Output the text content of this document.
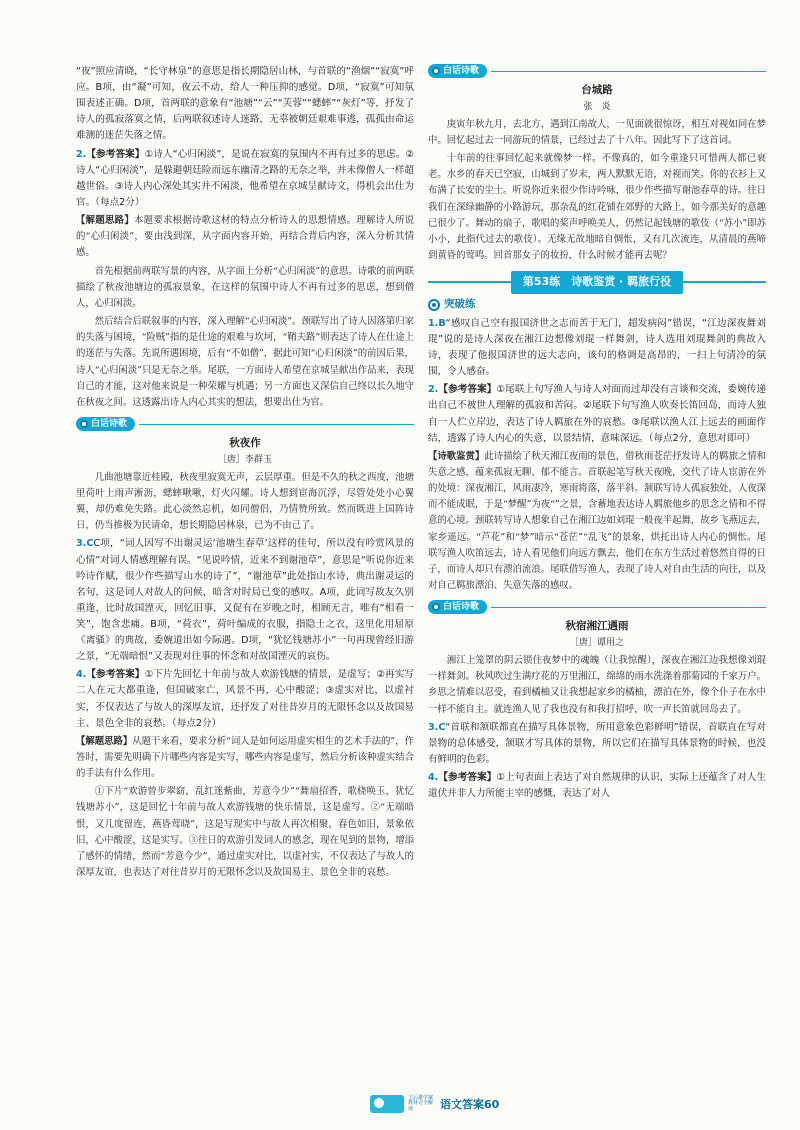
“夜”照应清晓，“长守林泉”的意思是指长期隐居山林，与首联的“渔烟”“寂寞”呼应。B项，由“凝”可知，夜云不动，给人一种压抑的感觉。D项，“寂寞”可知氛围表述正确。D项，首两联的意象有“池塘”“云”“芙蓉”“蟋蟀”“灰灯”等，抒发了诗人的孤寂落寞之情，后两联叙述诗人迷路，无辜被朝廷艰难事逃，孤孤由命运难测的迷茫失落之情。

2.【参考答案】①诗人“心归闲淡”，是说在寂寞的氛围内不再有过多的思虑。②诗人“心归闲淡”，是躲避朝廷险而远东幽清之路的无奈之举，并未像僧人一样超越世俗。③诗人内心深处其实并不闲淡，他希望在京城呈献诗文，得机会出仕为官。（每点2分）

【解题思路】本题要求根据诗歌这材的特点分析诗人的思想情感。理解诗人所说的“心归闲淡”，要由浅到深，从字面内容开始，再结合背后内容，深入分析其情感。

首先根据前两联写景的内容，从字面上分析“心归闲淡”的意思。诗歌的前两联描绘了秋夜池塘边的孤寂景象，在这样的氛围中诗人不再有过多的思虑，想到僧人，心归闲淡。

然后结合后联叙事的内容，深入理解“心归闲淡”。颈联写出了诗人因落第归家的失落与困境，“险贼”指的是仕途的艰难与坎坷，“鞘夫路”则表达了诗人在仕途上的迷茫与失落。先说所遇困境，后有“不如僧”，据此可知“心归闲淡”的前因后果，诗人“心归闲淡”只是无奈之举。尾联，一方面诗人希望在京城呈献出作品来，表现自己的才能，这对他来说是一种荣耀与机遇；另一方面也又深信自己终以长久地守在秋夜之间。这透露出诗人内心其实的想法，想要出仕为官。

白话诗歌
秋夜作
［唐］李群玉

几曲池塘靠近桂殿，秋夜里寂寞无声，云层厚重。但是不久的秋之西度，池塘里荷叶上雨声淅沥，蟋蟀啾啾，灯火闪耀。诗人想到宦海沉浮，尽管处处小心翼翼，却仍难免失路。此心淡然忘机，如同僧侣，乃情赞所致。然而既进上国阵诗日，仍当推极为民请命，想长期隐居林泉，已为不由己了。

3.CC项，“词人因写不出谢灵运‘池塘生春草’这样的佳句，所以没有吟赏风景的心情”对词人情感理解有误。“见说吟情，近来不到谢池草”，意思是“听说你近来吟诗作赋，很少作些描写山水的诗了”，“谢池草”此处指山水诗，典出谢灵运的名句，这是词人对故人的问候，暗含对时局已变的感叹。A项，此词写故友久别重逢，比时故国湮灭，回忆旧事，又促有在岁晚之时，相顾无言，唯有“相看一笑”，饱含悲痛。B项，“荷衣”，荷叶编成的衣服，指隐士之衣，这里化用屈原《离骚》的典故，委婉道出如今际遇。D项，“犹忆钱塘苏小”一句再现曾经旧游之景，“无端暗恨”又表现对往事的怀念和对故国湮灭的哀伤。

4.【参考答案】①下片先回忆十年前与故人欢游钱塘的情景，是虚写；②再实写二人在元大都重逢，但国破家亡，风景不再，心中酸涩；③虚实对比，以虚衬实，不仅表达了与故人的深厚友谊，还抒发了对往昔岁月的无限怀念以及故国易主、景色全非的哀愁。（每点2分）

【解题思路】从题干来看，要求分析“词人是如何运用虚实相生的艺术手法的”，作答时，需要先明确下片哪些内容是实写，哪些内容是虚写，然后分析该种虚实结合的手法有什么作用。

①下片“欢游曾步翠窈，乱红迷紫曲，芳意今少”“舞扇招香，歌桡唤玉，犹忆钱塘苏小”，这是回忆十年前与故人欢游钱塘的快乐情景，这是虚写。②“无端暗恨，又几度留连，燕昏莺晓”，这是写现实中与故人再次相聚，春色如旧，景象依旧，心中酸涩，这是实写。③往日的欢游引发词人的感念，现在见到的景物，增添了感怀的情绪，然而“芳意今少”，通过虚实对比，以虚衬实，不仅表达了与故人的深厚友谊，也表达了对往昔岁月的无限怀念以及故国易主、景色全非的哀愁。

白话诗歌
台城路
张　炎

庚寅年秋九月，去北方，遇到江南故人，一见面就很惊讶，相互对视如同在梦中。回忆起过去一同游玩的情景，已经过去了十八年。因此写下了这首词。

十年前的往事回忆起来就像梦一样。不像真的，如今重逢只可惜两人都已衰老。水乡的春天已空寂，山城到了岁末，两人默默无语，对视而笑。你的衣衫上又布满了长安的尘土。听说你近来很少作诗吟咏，很少作些描写谢池春草的诗。往日我们在深绿幽静的小路游玩，那杂乱的红花铺在郊野的大路上，如今那美好的意趣已很少了。舞动的扇子，歌唱的桨声呼唤美人，仍然记起钱塘的歌伎（“苏小”即苏小小，此指代过去的歌伎）。无缘无故地暗自惆怅，又有几次流连，从清晨的燕啼到黄昏的莺鸣。回首那女子的妆扮，什么时候才能再去呢？

第53练　诗歌鉴赏 · 羁旅行役
突破练

1.B“感叹自己空有报国济世之志而苦于无门，超发病闷”错误，“江边深夜舞刘琨”说的是诗人深夜在湘江边想像刘琨一样舞剑，诗人选用刘琨舞剑的典故入诗，表现了他报国济世的远大志向，该句的格调是高昂的，一扫上句清冷的氛围，令人感奋。

2.【参考答案】①尾联上句写渔人与诗人对面而过却没有言谈和交流，委婉传递出自己不被世人理解的孤寂和苦闷。②尾联下句写渔人吹奏长笛回岛，而诗人独自一人伫立岸边，表达了诗人羁旅在外的哀愁。③尾联以渔人江上远去的画面作结，透露了诗人内心的失意，以景结情，意味深远。（每点2分，意思对即可）

【诗歌鉴赏】此诗描绘了秋天湘江夜雨的景色，借秋雨苍茫抒发诗人的羁旅之情和失意之感，蕴来孤寂无聊、郁不能言。首联起笔写秋天夜晚，交代了诗人宦游在外的处境：深夜湘江，风雨凄冷，寒雨将落，落半斜。颔联写诗人孤寂独处，人夜深而不能成眠，于是“梦醒”为夜“”之景，含蓄地表达诗人羁旅他乡的思念之情和不得意的心境。颈联转写诗人想象自己在湘江边如刘琨一般夜半起舞，故乡飞燕远去，家乡遥远。“芦花”和“梦”暗示“苍茫”“乱飞”的景象，烘托出诗人内心的惆怅。尾联写渔人吹笛远去，诗人看见他们向远方飘去，他们在东方生活过着悠然自得的日子，而诗人却只有漂泊流浪。尾联借写渔人，表现了诗人对自由生活的向往，以及对自己羁旅漂泊、失意失落的感叹。

白话诗歌
秋宿湘江遇雨
［唐］谭用之

湘江上笼罩的阴云锁住夜梦中的魂魄（让我惊醒），深夜在湘江边我想像刘琨一样舞剑。秋风吹过生满疗花的万里湘江，绵绵的雨水洗涤着那菊园的千家万户。乡思之情难以忍受，看到橘柚又让我想起家乡的橘柚，漂泊在外，像个仆子在水中一样不能自主。就连渔人见了我也没有和我打招呼，吹一声长笛就回岛去了。

3.C“首联和颔联都直在描写具体景物，所用意象色彩鲜明”错误，首联直在写对景物的总体感受，颔联才写具体的景物，所以它们在描写具体景物的时候，也没有鲜明的色彩。

4.【参考答案】①上句表面上表达了对自然规律的认识，实际上还蕴含了对人生道伏并非人力所能主宰的感慨，表达了对人

王后雄学案 教材完全解读	语文答案60
